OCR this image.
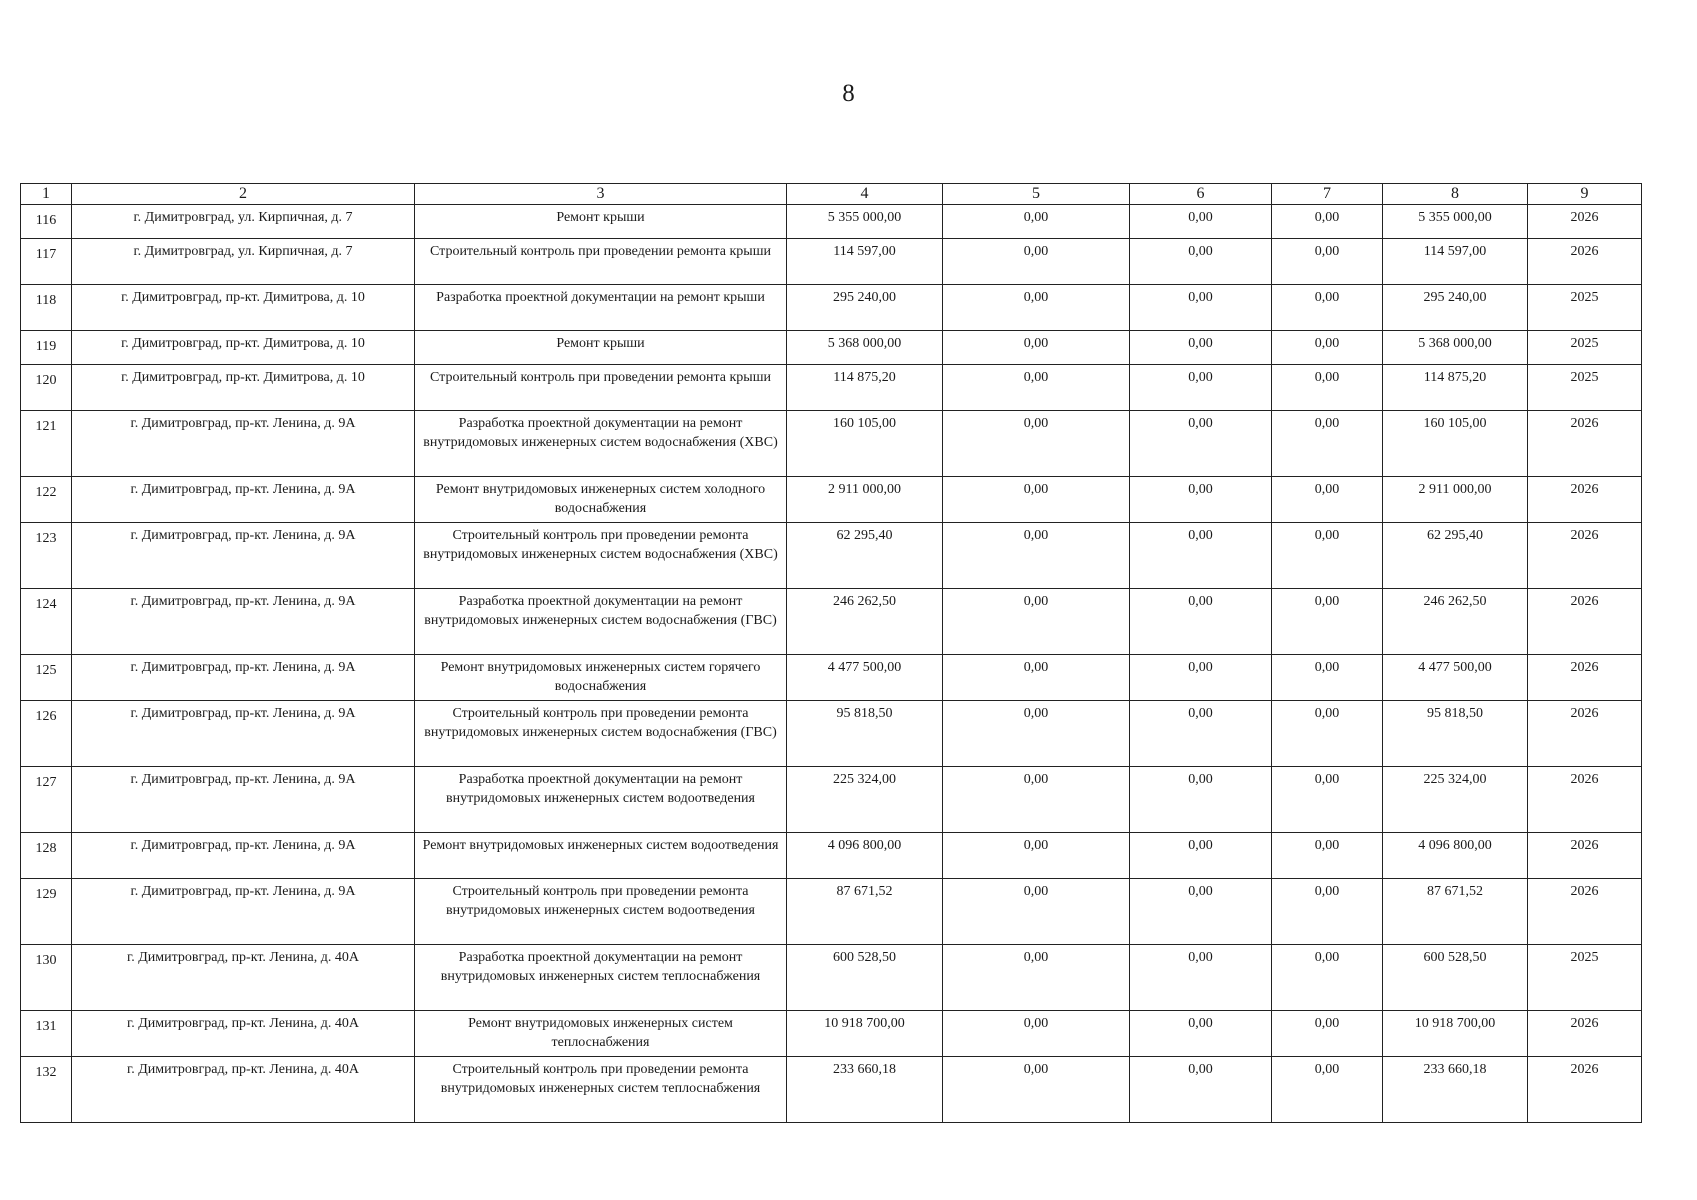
8
1	2	3	4	5	6	7	8	9
116	г. Димитровград, ул. Кирпичная, д. 7	Ремонт крыши	5 355 000,00	0,00	0,00	0,00	5 355 000,00	2026
117	г. Димитровград, ул. Кирпичная, д. 7	Строительный контроль при проведении ремонта крыши	114 597,00	0,00	0,00	0,00	114 597,00	2026
118	г. Димитровград, пр-кт. Димитрова, д. 10	Разработка проектной документации на ремонт крыши	295 240,00	0,00	0,00	0,00	295 240,00	2025
119	г. Димитровград, пр-кт. Димитрова, д. 10	Ремонт крыши	5 368 000,00	0,00	0,00	0,00	5 368 000,00	2025
120	г. Димитровград, пр-кт. Димитрова, д. 10	Строительный контроль при проведении ремонта крыши	114 875,20	0,00	0,00	0,00	114 875,20	2025
121	г. Димитровград, пр-кт. Ленина, д. 9А	Разработка проектной документации на ремонт внутридомовых инженерных систем водоснабжения (ХВС)	160 105,00	0,00	0,00	0,00	160 105,00	2026
122	г. Димитровград, пр-кт. Ленина, д. 9А	Ремонт внутридомовых инженерных систем холодного водоснабжения	2 911 000,00	0,00	0,00	0,00	2 911 000,00	2026
123	г. Димитровград, пр-кт. Ленина, д. 9А	Строительный контроль при проведении ремонта внутридомовых инженерных систем водоснабжения (ХВС)	62 295,40	0,00	0,00	0,00	62 295,40	2026
124	г. Димитровград, пр-кт. Ленина, д. 9А	Разработка проектной документации на ремонт внутридомовых инженерных систем водоснабжения (ГВС)	246 262,50	0,00	0,00	0,00	246 262,50	2026
125	г. Димитровград, пр-кт. Ленина, д. 9А	Ремонт внутридомовых инженерных систем горячего водоснабжения	4 477 500,00	0,00	0,00	0,00	4 477 500,00	2026
126	г. Димитровград, пр-кт. Ленина, д. 9А	Строительный контроль при проведении ремонта внутридомовых инженерных систем водоснабжения (ГВС)	95 818,50	0,00	0,00	0,00	95 818,50	2026
127	г. Димитровград, пр-кт. Ленина, д. 9А	Разработка проектной документации на ремонт внутридомовых инженерных систем водоотведения	225 324,00	0,00	0,00	0,00	225 324,00	2026
128	г. Димитровград, пр-кт. Ленина, д. 9А	Ремонт внутридомовых инженерных систем водоотведения	4 096 800,00	0,00	0,00	0,00	4 096 800,00	2026
129	г. Димитровград, пр-кт. Ленина, д. 9А	Строительный контроль при проведении ремонта внутридомовых инженерных систем водоотведения	87 671,52	0,00	0,00	0,00	87 671,52	2026
130	г. Димитровград, пр-кт. Ленина, д. 40А	Разработка проектной документации на ремонт внутридомовых инженерных систем теплоснабжения	600 528,50	0,00	0,00	0,00	600 528,50	2025
131	г. Димитровград, пр-кт. Ленина, д. 40А	Ремонт внутридомовых инженерных систем теплоснабжения	10 918 700,00	0,00	0,00	0,00	10 918 700,00	2026
132	г. Димитровград, пр-кт. Ленина, д. 40А	Строительный контроль при проведении ремонта внутридомовых инженерных систем теплоснабжения	233 660,18	0,00	0,00	0,00	233 660,18	2026
